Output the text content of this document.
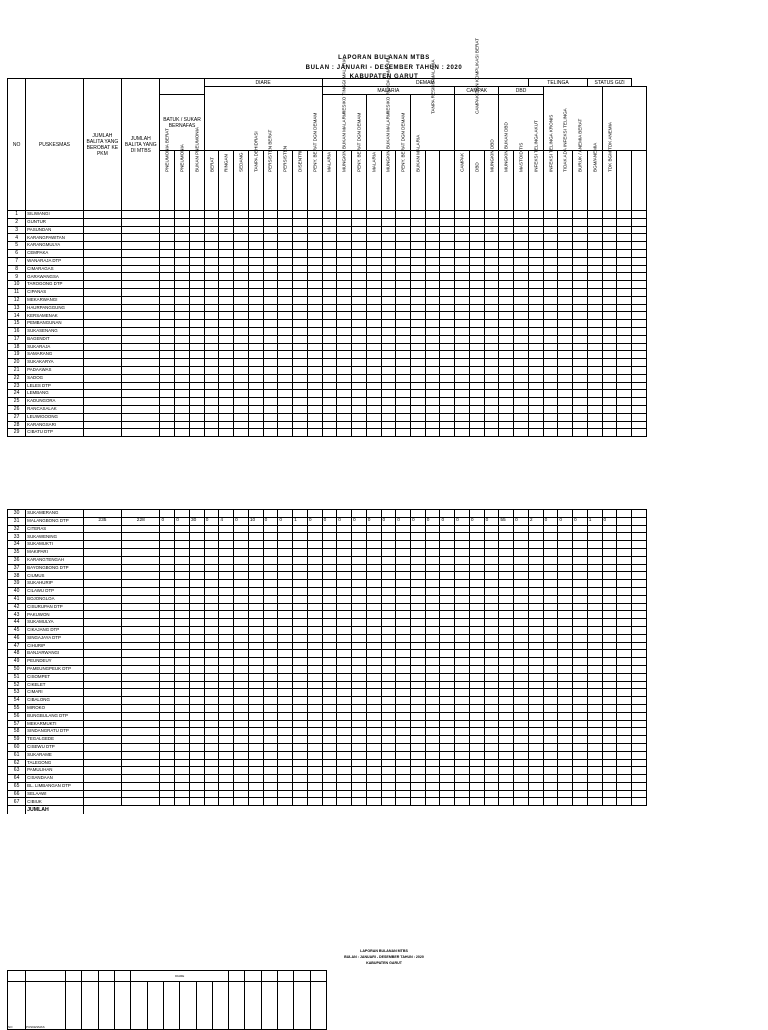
LAPORAN BULANAN MTBS
BULAN : JANUARI - DESEMBER TAHUN : 2020
KABUPATEN GARUT
NO	PUSKESMAS	JUMLAH BALITA YANG BEROBAT KE PKM	JUMLAH BALITA YANG DI MTBS				DIARE								DEMAM														TELINGA				STATUS GIZI			
															MALARIA									CAMPAK			DBD									
				BATUK / SUKAR BERNAFAS											RESIKO TINGGI MALARIA			RESIKO RENDAH MALARIA			TANPA RESIKO MALARIA			CAMPAK DGN KOMPLIKASI BERAT												

				PNEUMONIA BERAT	PNEUMONIA	BUKAN PNEUMONIA	BERAT	RINGAN	SEDANG	TANPA DEHIDRASI	PERSISTEN BERAT	PERSISTEN	DISENTRI	PENY. BERAT DGN DEMAM	MALARIA	MUNGKIN BUKAN MALARIA	PENY. BERAT DGN DEMAM	MALARIA	MUNGKIN BUKAN MALARIA	PENY. BERAT DGN DEMAM	BUKAN MALARIA			CAMPAK	DBD	MUNGKIN DBD	MUNGKIN BUKAN DBD	MASTOIDITIS	INFEKSI TELINGA AKUT	INFEKSI TELINGA KRONIS	TIDAK ADA INFEKSI TELINGA	BURUK / ANEMIA BERAT	BGM/ANEMIA	TDK BGM TDK ANEMIA		

1	SILIWANGI																																			
2	GUNTUR																																			
3	PASUNDAN																																			
4	KARANGPAWITAN																																			
5	KARANGMULYA																																			
6	CEMPAKA																																			
7	WANARAJA DTP																																			
8	CIMARAGAS																																			
9	GARAWANGSA																																			
10	TAROGONG DTP																																			
11	CIPANAS																																			
12	MEKARWANGI																																			
13	HAURPANGGUNG																																			
14	KERSAMENAK																																			
15	PEMBANGUNAN																																			
16	SUKASENANG																																			
17	BAGENDIT																																			
18	SUKARAJA																																			
19	SAMARANG																																			
20	SUKAKARYA																																			
21	PADAAWAS																																			
22	SADOG																																			
23	LELES DTP																																			
24	LEMBANG																																			
25	KADUNGORA																																			
26	RANCASALAK																																			
27	LEUWIGOONG																																			
28	KARANGSARI																																			
29	CIBATU DTP																																			
30	SUKAMERANG																																			
31	MALANGBONG DTP	235	228	0	0	30	0	4	0	10	0	0	1	0	0	0	0	0	0	0	0	0	0	0	0	0	55	0	2	0	0	0	1	0		
32	CITERAS																																			
33	SUKAWENING																																			
34	SUKAMUKTI																																			
35	MAKIPARI																																			
36	KARANGTENGAH																																			
37	BAYONGBONG DTP																																			
38	CIUMUS																																			
39	SUKAHURIP																																			
40	CILAWU DTP																																			
41	BOJONGLOA																																			
42	CISURUPAN DTP																																			
43	PAKUWON																																			
44	SUKAMULYA																																			
45	CIKAJANG DTP																																			
46	SINGAJAYA DTP																																			
47	CIHURIP																																			
48	BANJARWANGI																																			
49	PEUNDEUY																																			
50	PAMEUNGPEUK DTP																																			
51	CISOMPET																																			
52	CIKELET																																			
53	CIMARI																																			
54	CIBALONG																																			
55	MIROKO																																			
56	BUNGBULANG DTP																																			
57	MEKARMUKTI																																			
58	SINDANGRATU DTP																																			
59	TEGALGEDE																																			
60	CISEWU DTP																																			
61	SUKARAME																																			
62	TALEGONG																																			
63	PAMULIHAN																																			
64	CISANDAAN																																			
65	BL. LIMBANGAN DTP																																			
66	SELAAWI																																			
67	CIBIUK																																			
	JUMLAH																																			
LAPORAN BULANAN MTBS
BULAN : JANUARI - DESEMBER TAHUN : 2020
KABUPATEN GARUT
						DIARE											
NO	PUSKESMAS																
